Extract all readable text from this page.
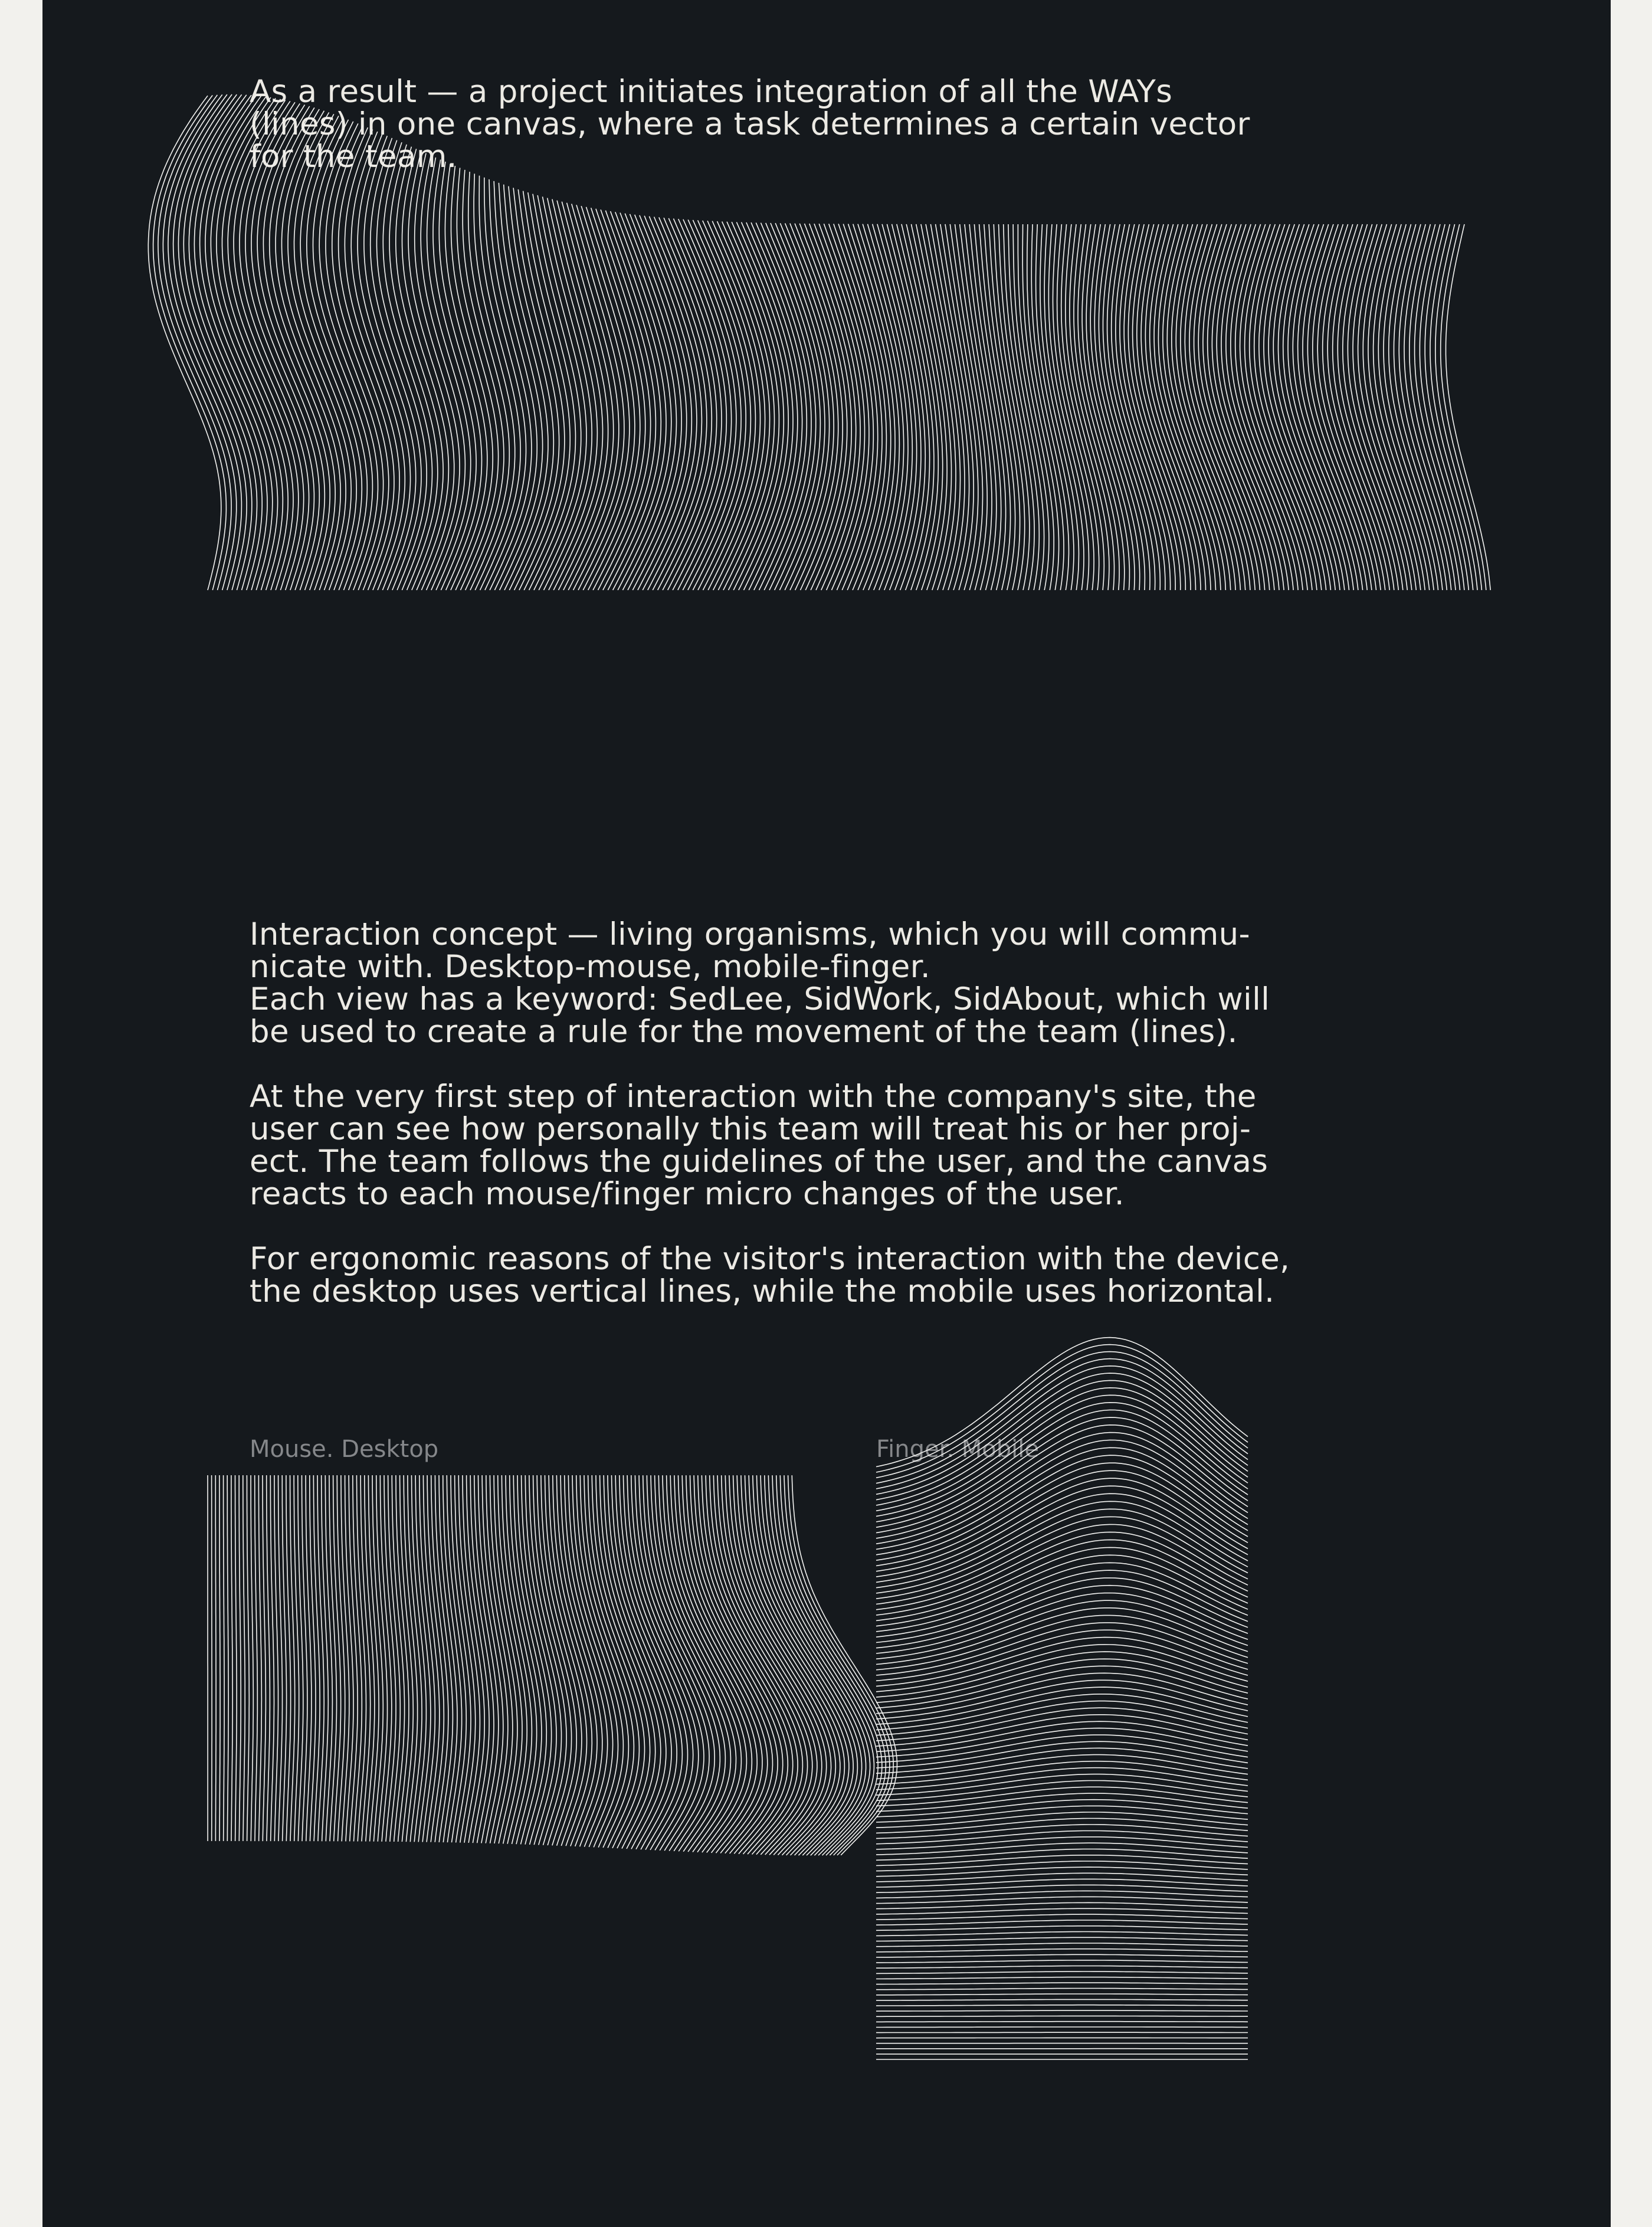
As a result — a project initiates integration of all the WAYs

(lines) in one canvas, where a task determines a certain vector

for the team.

Interaction concept — living organisms, which you will commu-

nicate with. Desktop-mouse, mobile-finger.

Each view has a keyword: SedLee, SidWork, SidAbout, which will

be used to create a rule for the movement of the team (lines).

At the very first step of interaction with the company's site, the

user can see how personally this team will treat his or her proj-

ect. The team follows the guidelines of the user, and the canvas

reacts to each mouse/finger micro changes of the user.

For ergonomic reasons of the visitor's interaction with the device,

the desktop uses vertical lines, while the mobile uses horizontal.

Mouse. Desktop	Finger. Mobile
